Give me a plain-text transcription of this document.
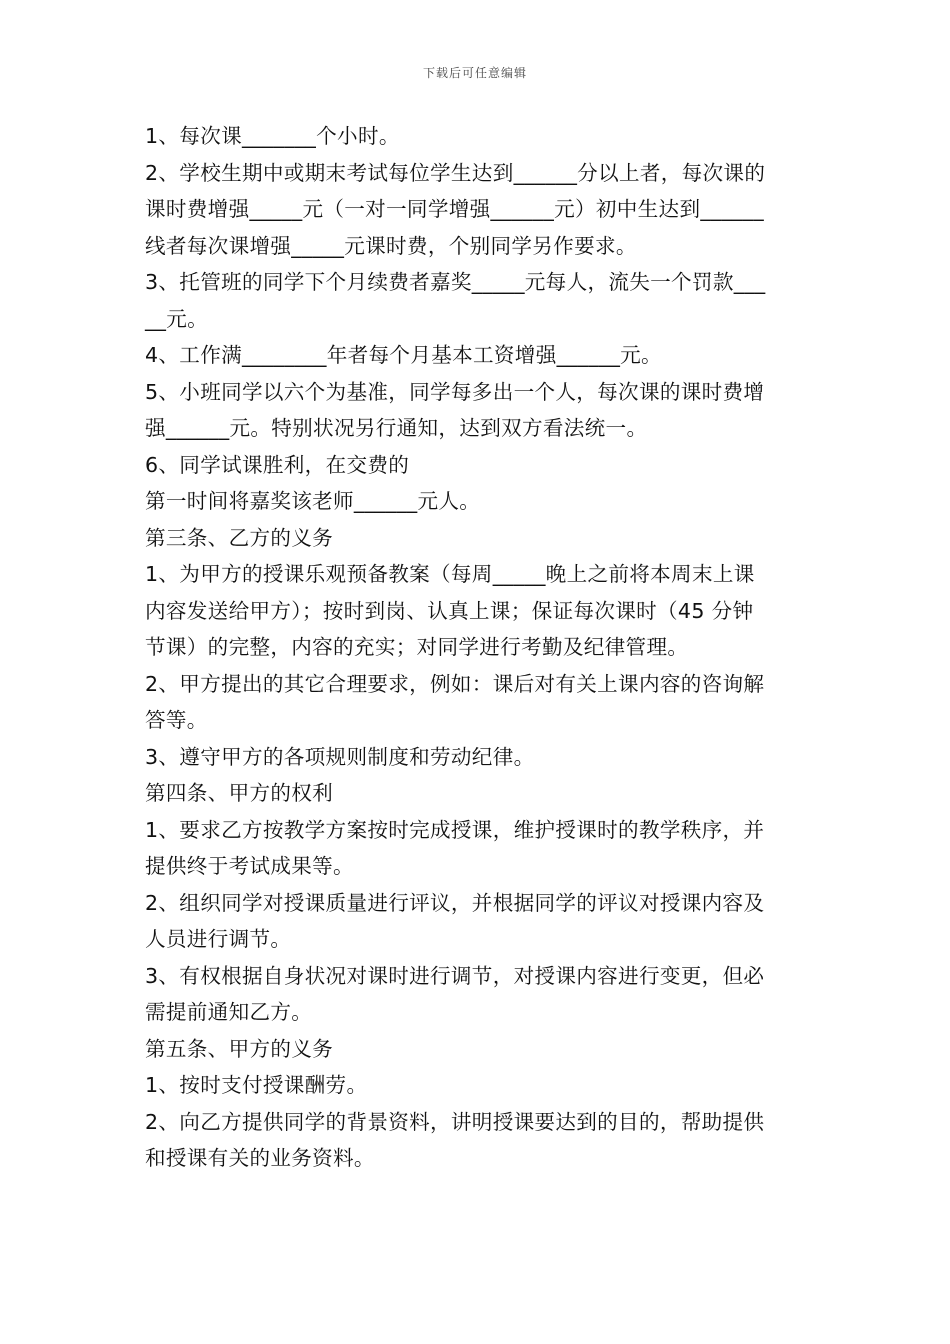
下载后可任意编辑
1、每次课_______个小时。
2、学校生期中或期末考试每位学生达到______分以上者，每次课的
课时费增强_____元（一对一同学增强______元）初中生达到______
线者每次课增强_____元课时费，个别同学另作要求。
3、托管班的同学下个月续费者嘉奖_____元每人，流失一个罚款___
__元。
4、工作满________年者每个月基本工资增强______元。
5、小班同学以六个为基准，同学每多出一个人，每次课的课时费增
强______元。特别状况另行通知，达到双方看法统一。
6、同学试课胜利，在交费的
第一时间将嘉奖该老师______元人。
第三条、乙方的义务
1、为甲方的授课乐观预备教案（每周_____晚上之前将本周末上课
内容发送给甲方）；按时到岗、认真上课；保证每次课时（45 分钟
节课）的完整，内容的充实；对同学进行考勤及纪律管理。
2、甲方提出的其它合理要求，例如：课后对有关上课内容的咨询解
答等。
3、遵守甲方的各项规则制度和劳动纪律。
第四条、甲方的权利
1、要求乙方按教学方案按时完成授课，维护授课时的教学秩序，并
提供终于考试成果等。
2、组织同学对授课质量进行评议，并根据同学的评议对授课内容及
人员进行调节。
3、有权根据自身状况对课时进行调节，对授课内容进行变更，但必
需提前通知乙方。
第五条、甲方的义务
1、按时支付授课酬劳。
2、向乙方提供同学的背景资料，讲明授课要达到的目的，帮助提供
和授课有关的业务资料。
